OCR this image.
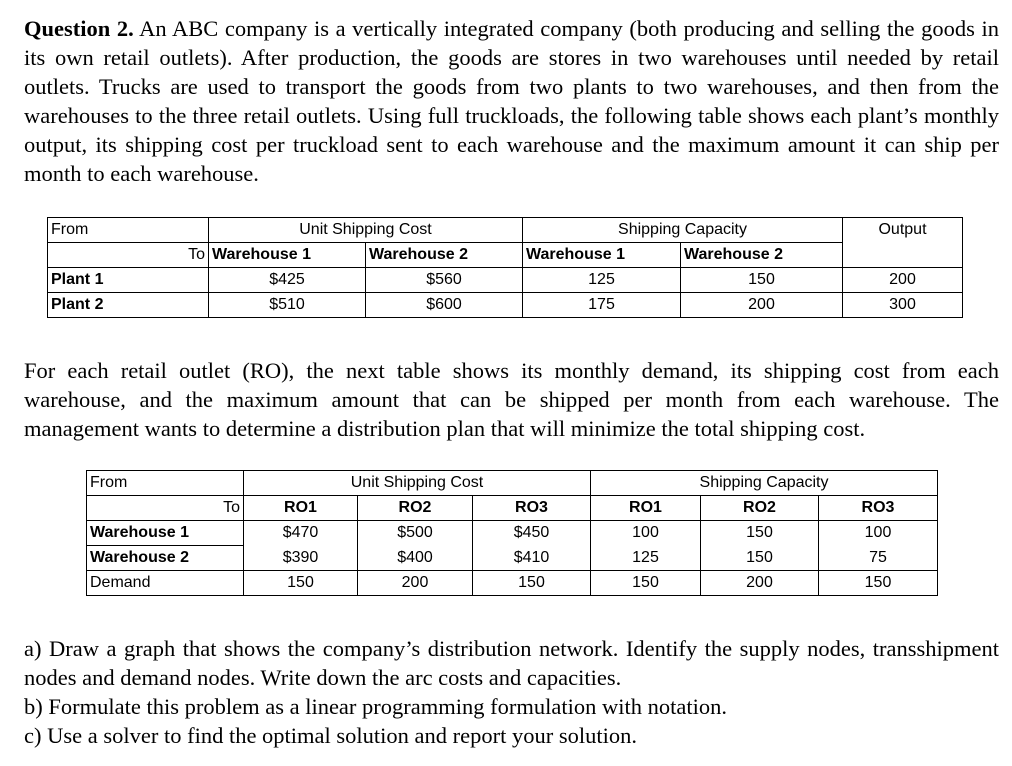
Question 2. An ABC company is a vertically integrated company (both producing and selling the goods in its own retail outlets). After production, the goods are stores in two warehouses until needed by retail outlets. Trucks are used to transport the goods from two plants to two warehouses, and then from the warehouses to the three retail outlets. Using full truckloads, the following table shows each plant’s monthly output, its shipping cost per truckload sent to each warehouse and the maximum amount it can ship per month to each warehouse.

From	Unit Shipping Cost		Shipping Capacity		Output
To	Warehouse 1	Warehouse 2	Warehouse 1	Warehouse 2	
Plant 1	$425	$560	125	150	200
Plant 2	$510	$600	175	200	300

For each retail outlet (RO), the next table shows its monthly demand, its shipping cost from each warehouse, and the maximum amount that can be shipped per month from each warehouse. The management wants to determine a distribution plan that will minimize the total shipping cost.

From	Unit Shipping Cost			Shipping Capacity		
To	RO1	RO2	RO3	RO1	RO2	RO3
Warehouse 1	$470	$500	$450	100	150	100
Warehouse 2	$390	$400	$410	125	150	75
Demand	150	200	150	150	200	150
a) Draw a graph that shows the company’s distribution network. Identify the supply nodes, transshipment nodes and demand nodes. Write down the arc costs and capacities.
b) Formulate this problem as a linear programming formulation with notation.
c) Use a solver to find the optimal solution and report your solution.
